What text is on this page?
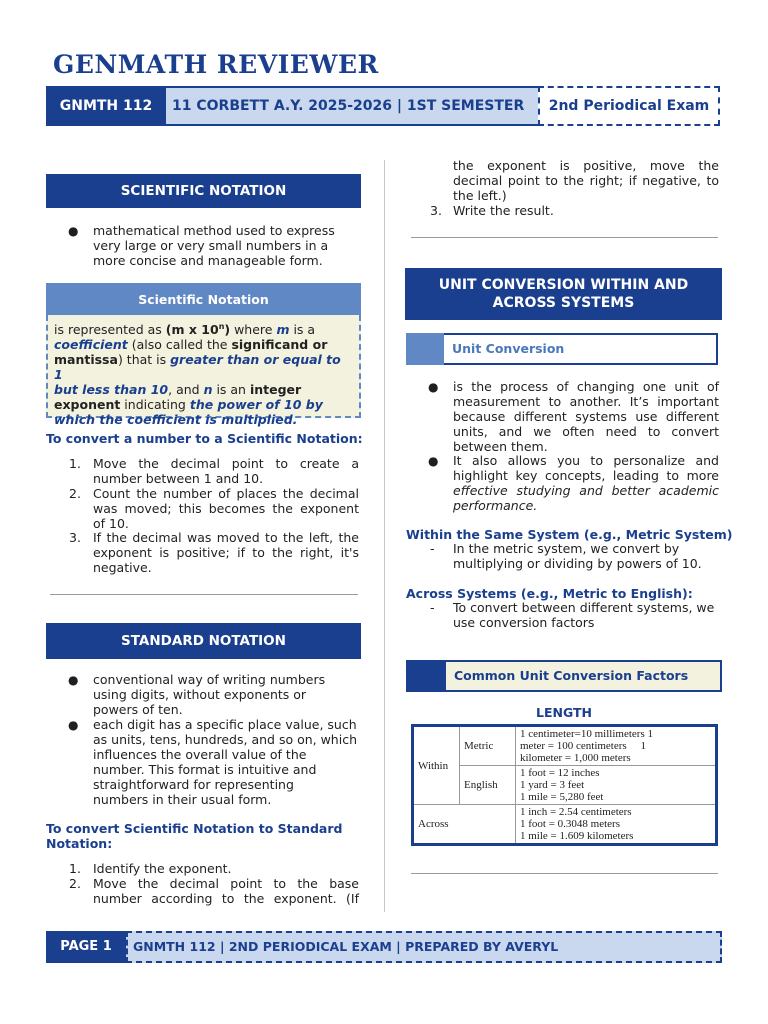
GENMATH REVIEWER
GNMTH 112	11 CORBETT A.Y. 2025-2026 | 1ST SEMESTER	2nd Periodical Exam
SCIENTIFIC NOTATION
● mathematical method used to express
very large or very small numbers in a
more concise and manageable form.
Scientific Notation
is represented as (m x 10$^n$) where m is a
coefficient (also called the significand or
mantissa) that is greater than or equal to 1
but less than 10, and n is an integer
exponent indicating the power of 10 by
which the coefficient is multiplied.
To convert a number to a Scientific Notation:
1. Move the decimal point to create a
number between 1 and 10.
2. Count the number of places the decimal
was moved; this becomes the exponent
of 10.
3. If the decimal was moved to the left, the
exponent is positive; if to the right, it's
negative.
STANDARD NOTATION
● conventional way of writing numbers
using digits, without exponents or
powers of ten.
● each digit has a specific place value, such
as units, tens, hundreds, and so on, which
influences the overall value of the
number. This format is intuitive and
straightforward for representing
numbers in their usual form.
To convert Scientific Notation to Standard
Notation:
1. Identify the exponent.
2. Move the decimal point to the base
number according to the exponent. (If
the exponent is positive, move the
decimal point to the right; if negative, to
the left.)
3. Write the result.
UNIT CONVERSION WITHIN AND
ACROSS SYSTEMS
Unit Conversion
● is the process of changing one unit of
measurement to another. It’s important
because different systems use different
units, and we often need to convert
between them.
● It also allows you to personalize and
highlight key concepts, leading to more
effective studying and better academic
performance.
Within the Same System (e.g., Metric System)
- In the metric system, we convert by
multiplying or dividing by powers of 10.
Across Systems (e.g., Metric to English):
- To convert between different systems, we
use conversion factors
Common Unit Conversion Factors
LENGTH
Within	Metric	1 centimeter=10 millimeters 1
meter = 100 centimeters     1
kilometer = 1,000 meters

	English	1 foot = 12 inches
1 yard = 3 feet
1 mile = 5,280 feet

Across		1 inch = 2.54 centimeters
1 foot = 0.3048 meters
1 mile = 1.609 kilometers
PAGE 1	GNMTH 112 | 2ND PERIODICAL EXAM | PREPARED BY AVERYL
